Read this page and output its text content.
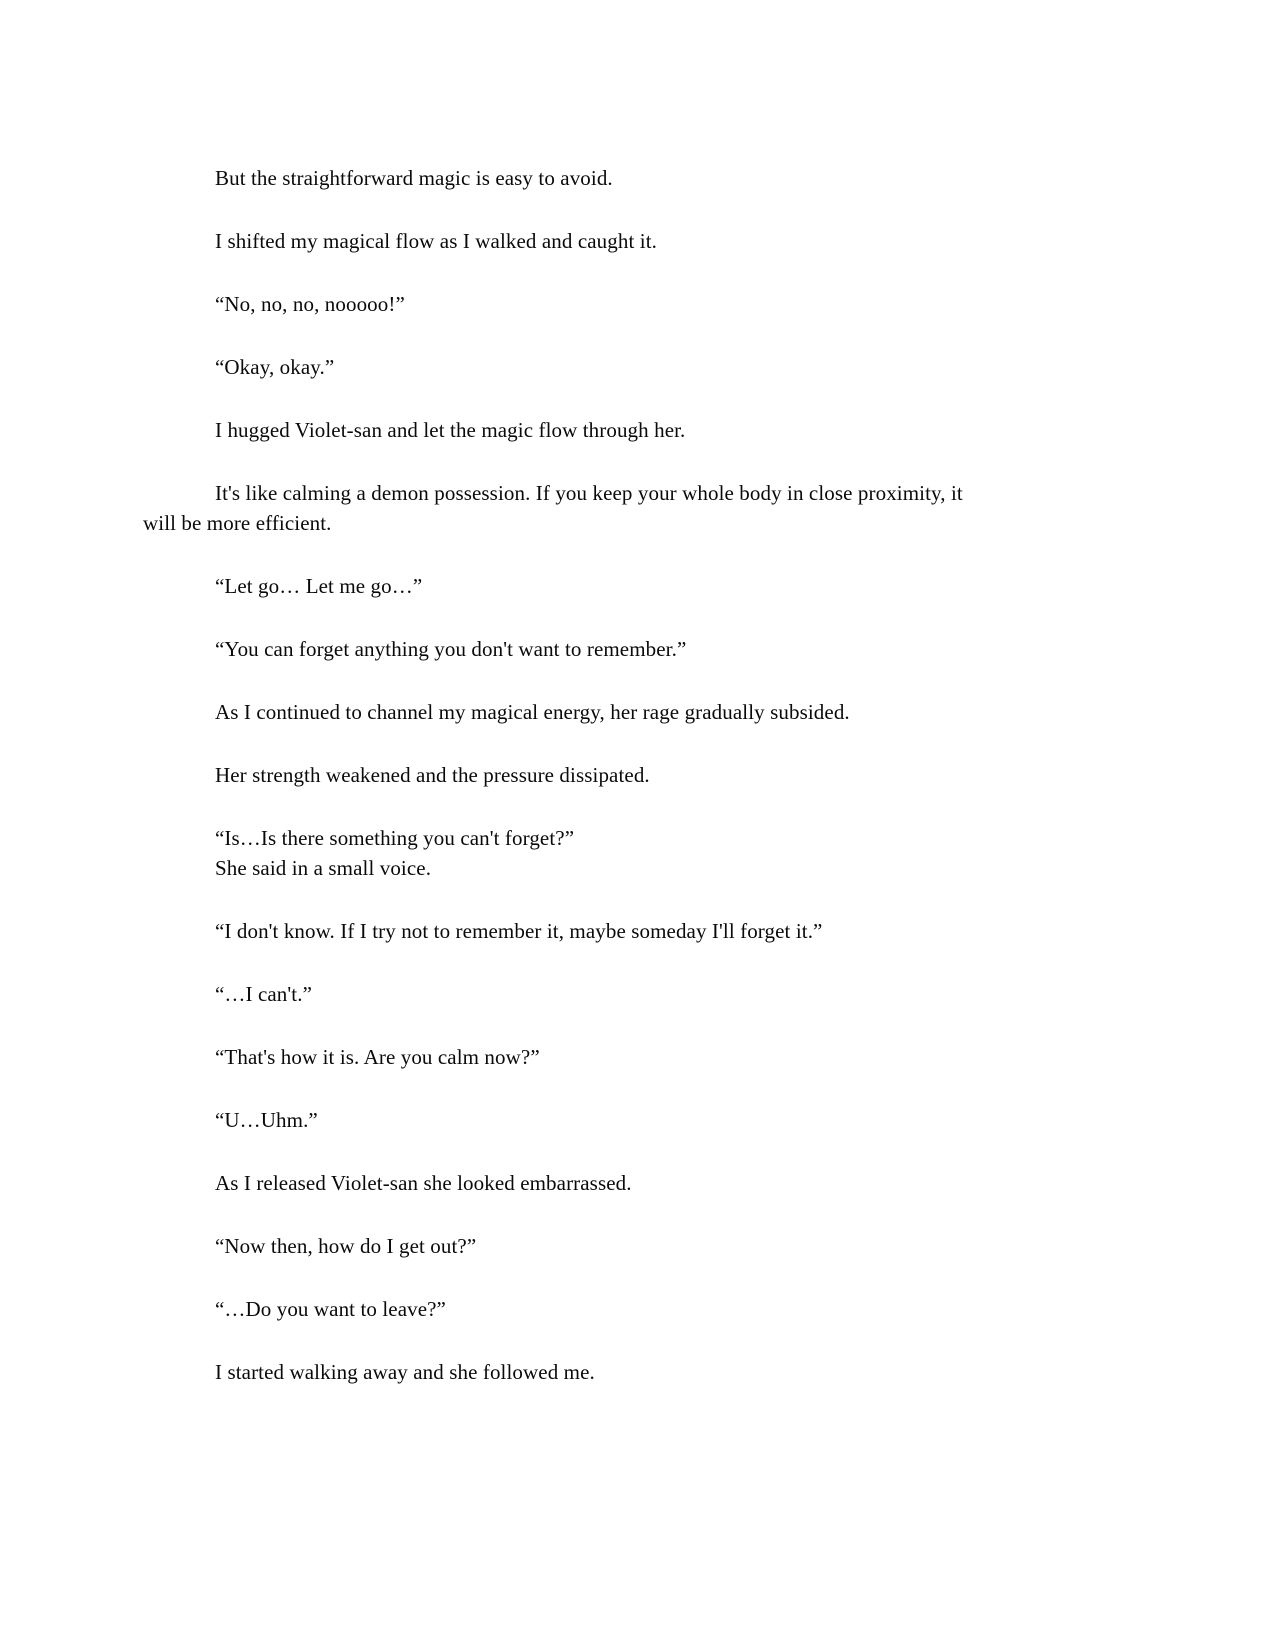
But the straightforward magic is easy to avoid.
I shifted my magical flow as I walked and caught it.
“No, no, no, nooooo!”
“Okay, okay.”
I hugged Violet-san and let the magic flow through her.
It's like calming a demon possession. If you keep your whole body in close proximity, it
will be more efficient.
“Let go… Let me go…”
“You can forget anything you don't want to remember.”
As I continued to channel my magical energy, her rage gradually subsided.
Her strength weakened and the pressure dissipated.
“Is…Is there something you can't forget?”
She said in a small voice.
“I don't know. If I try not to remember it, maybe someday I'll forget it.”
“…I can't.”
“That's how it is. Are you calm now?”
“U…Uhm.”
As I released Violet-san she looked embarrassed.
“Now then, how do I get out?”
“…Do you want to leave?”
I started walking away and she followed me.
